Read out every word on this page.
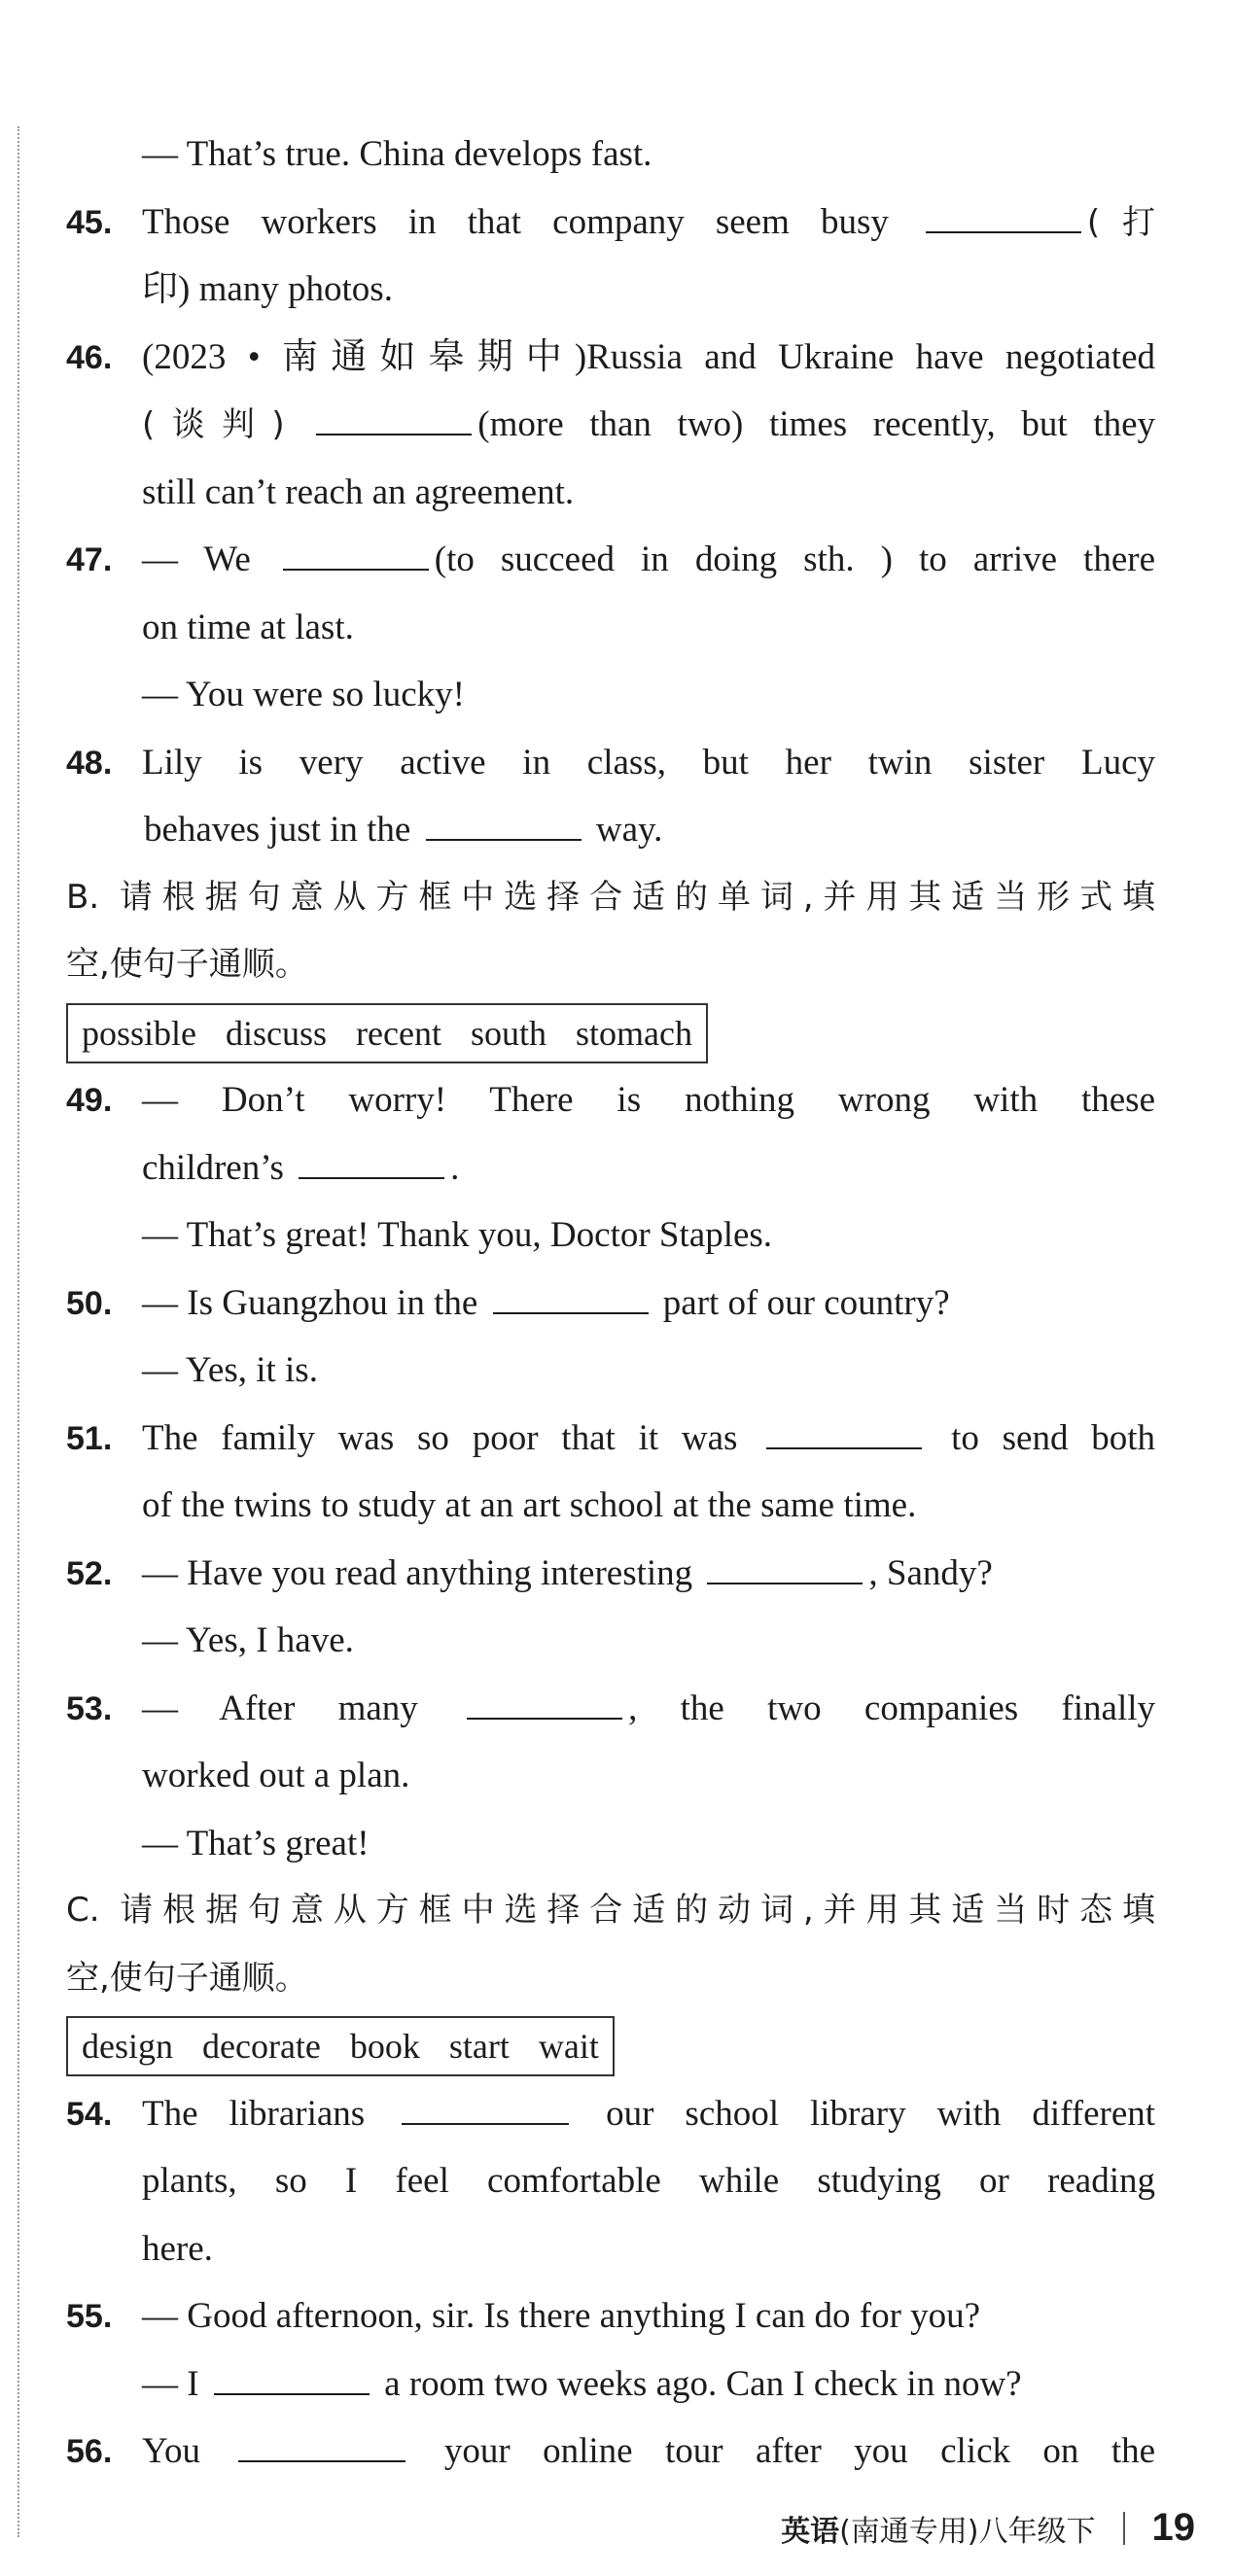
— That’s true. China develops fast.
45. Those workers in that company seem busy	(打
印) many photos.
46. (2023 • 南通如皋期中)Russia and Ukraine have negotiated
(谈判)	(more than two) times recently, but they
still can’t reach an agreement.
47. — We	(to succeed in doing sth. ) to arrive there
on time at last.
— You were so lucky!
48. Lily is very active in class, but her twin sister Lucy
behaves just in the	way.
B. 请根据句意从方框中选择合适的单词,并用其适当形式填
空,使句子通顺。
possible discuss recent south stomach
49. — Don’t worry! There is nothing wrong with these
children’s	.
— That’s great! Thank you, Doctor Staples.
50. — Is Guangzhou in the	part of our country?
— Yes, it is.
51. The family was so poor that it was	to send both
of the twins to study at an art school at the same time.
52. — Have you read anything interesting	, Sandy?
— Yes, I have.
53. — After many	, the two companies finally
worked out a plan.
— That’s great!
C. 请根据句意从方框中选择合适的动词,并用其适当时态填
空,使句子通顺。
design decorate book start wait
54. The librarians	our school library with different
plants, so I feel comfortable while studying or reading
here.
55. — Good afternoon, sir. Is there anything I can do for you?
— I	a room two weeks ago. Can I check in now?
56. You	your online tour after you click on the
英语 (南通专用)八年级下 19
